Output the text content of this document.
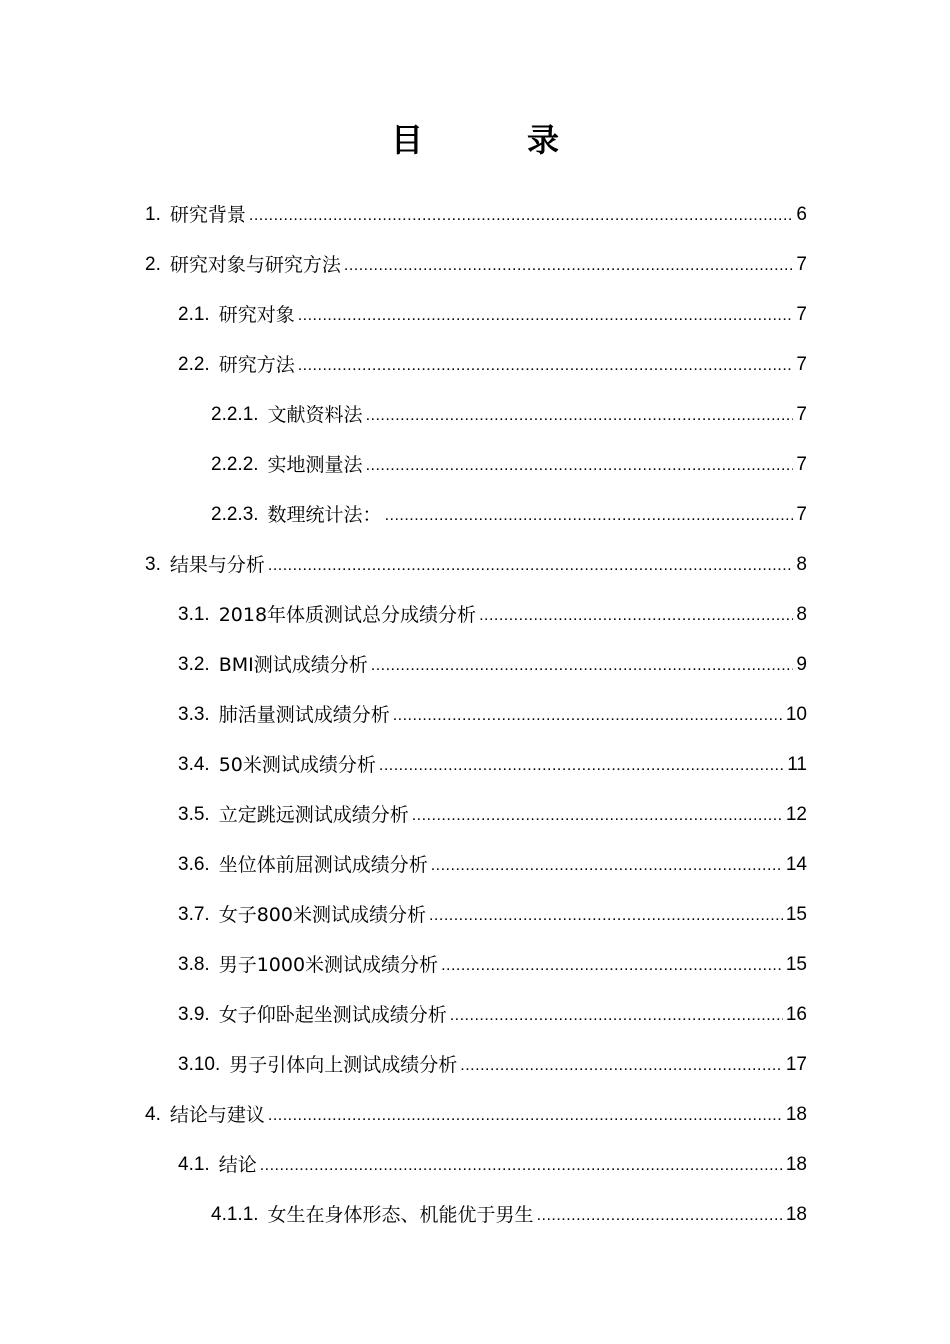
目　录
1. 研究背景 .....	6
2. 研究对象与研究方法 .....	7
2.1. 研究对象 .....	7
2.2. 研究方法 .....	7
2.2.1. 文献资料法 .....	7
2.2.2. 实地测量法 .....	7
2.2.3. 数理统计法： .....	7
3. 结果与分析 .....	8
3.1. 2018年体质测试总分成绩分析 .....	8
3.2. BMI测试成绩分析 .....	9
3.3. 肺活量测试成绩分析 .....	10
3.4. 50米测试成绩分析 .....	11
3.5. 立定跳远测试成绩分析 .....	12
3.6. 坐位体前屈测试成绩分析 .....	14
3.7. 女子800米测试成绩分析 .....	15
3.8. 男子1000米测试成绩分析 .....	15
3.9. 女子仰卧起坐测试成绩分析 .....	16
3.10. 男子引体向上测试成绩分析 .....	17
4. 结论与建议 .....	18
4.1. 结论 .....	18
4.1.1. 女生在身体形态、机能优于男生 .....	18
